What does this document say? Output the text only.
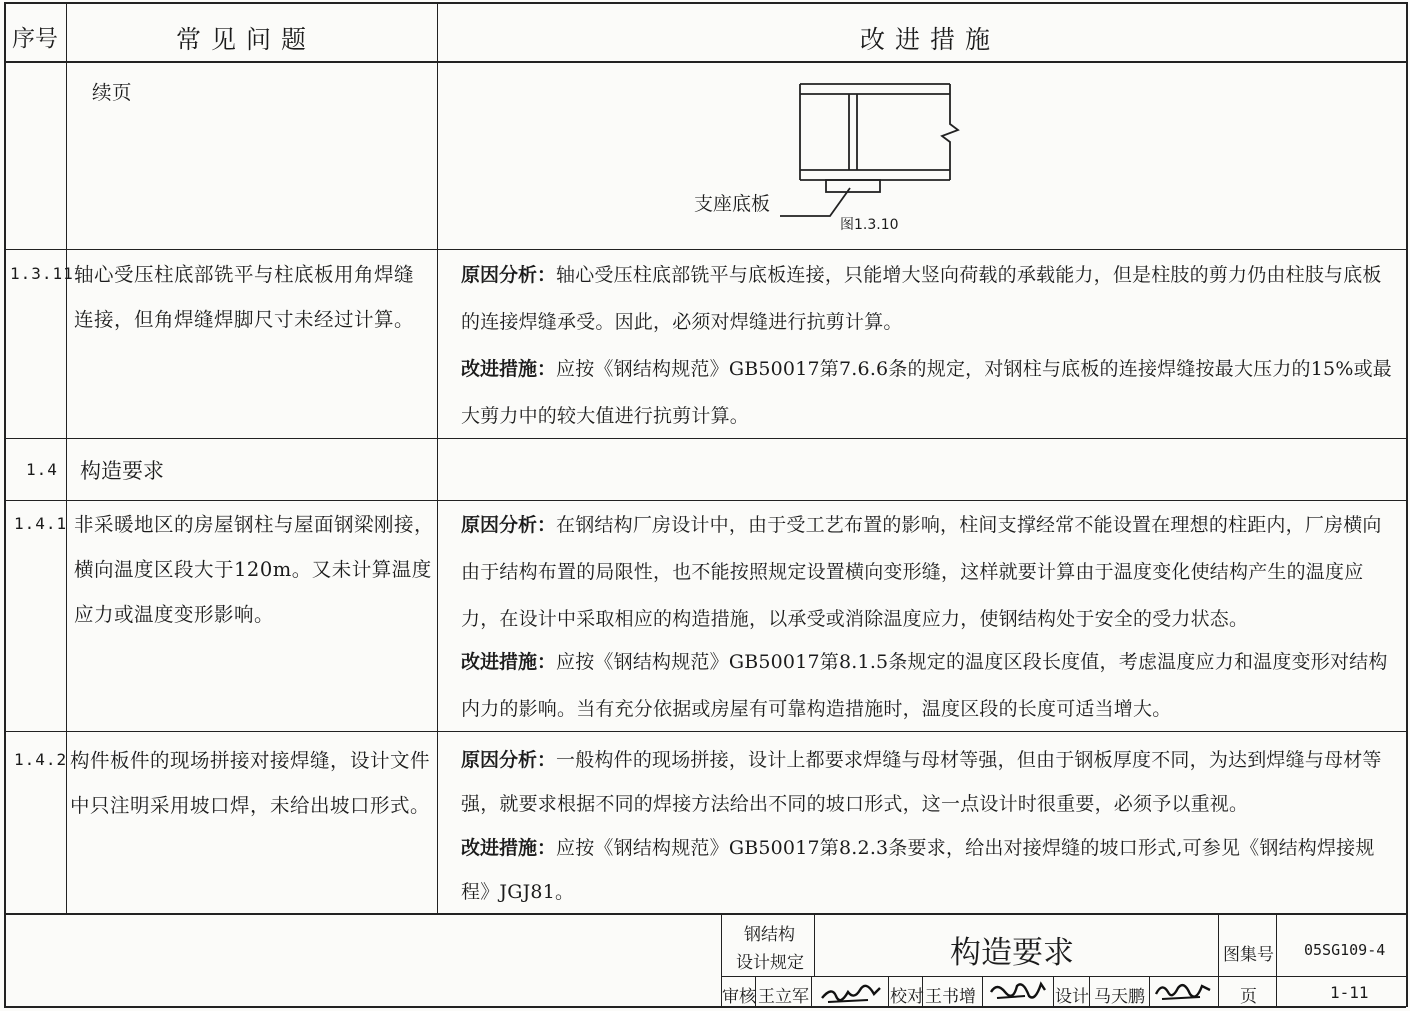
序号	常见问题	改进措施
续页
支座底板
图1.3.10
1.3.11 轴心受压柱底部铣平与柱底板用角焊缝连接，但角焊缝焊脚尺寸未经过计算。
原因分析：轴心受压柱底部铣平与底板连接，只能增大竖向荷载的承载能力，但是柱肢的剪力仍由柱肢与底板的连接焊缝承受。因此，必须对焊缝进行抗剪计算。
改进措施：应按《钢结构规范》GB50017第7.6.6条的规定，对钢柱与底板的连接焊缝按最大压力的15%或最大剪力中的较大值进行抗剪计算。
1.4 构造要求
1.4.1 非采暖地区的房屋钢柱与屋面钢梁刚接，横向温度区段大于120m。又未计算温度应力或温度变形影响。
原因分析：在钢结构厂房设计中，由于受工艺布置的影响，柱间支撑经常不能设置在理想的柱距内，厂房横向由于结构布置的局限性，也不能按照规定设置横向变形缝，这样就要计算由于温度变化使结构产生的温度应力，在设计中采取相应的构造措施，以承受或消除温度应力，使钢结构处于安全的受力状态。
改进措施：应按《钢结构规范》GB50017第8.1.5条规定的温度区段长度值，考虑温度应力和温度变形对结构内力的影响。当有充分依据或房屋有可靠构造措施时，温度区段的长度可适当增大。
1.4.2 构件板件的现场拼接对接焊缝，设计文件中只注明采用坡口焊，未给出坡口形式。
原因分析：一般构件的现场拼接，设计上都要求焊缝与母材等强，但由于钢板厚度不同，为达到焊缝与母材等强，就要求根据不同的焊接方法给出不同的坡口形式，这一点设计时很重要，必须予以重视。
改进措施：应按《钢结构规范》GB50017第8.2.3条要求，给出对接焊缝的坡口形式,可参见《钢结构焊接规程》JGJ81。
钢结构
设计规定	构造要求	图集号 05SG109-4
页	1-11
审核 王立军	校对 王书增	设计 马天鹏
